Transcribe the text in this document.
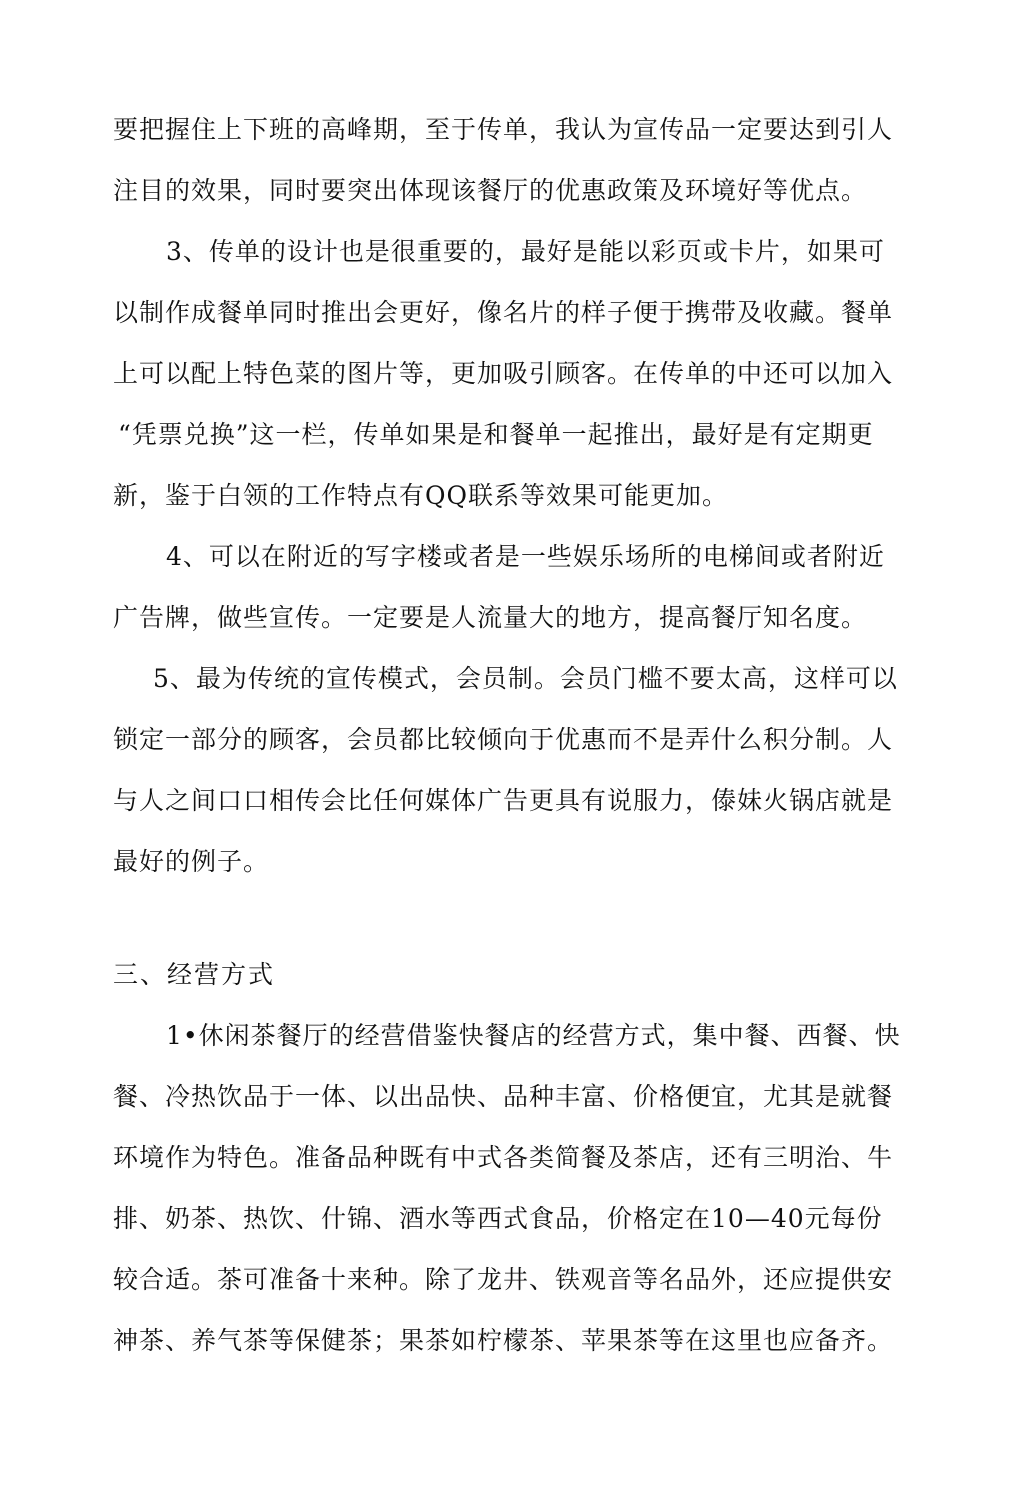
要把握住上下班的高峰期，至于传单，我认为宣传品一定要达到引人
注目的效果，同时要突出体现该餐厅的优惠政策及环境好等优点。
3、传单的设计也是很重要的，最好是能以彩页或卡片，如果可
以制作成餐单同时推出会更好，像名片的样子便于携带及收藏。餐单
上可以配上特色菜的图片等，更加吸引顾客。在传单的中还可以加入
“凭票兑换”这一栏，传单如果是和餐单一起推出，最好是有定期更
新，鉴于白领的工作特点有QQ联系等效果可能更加。
4、可以在附近的写字楼或者是一些娱乐场所的电梯间或者附近
广告牌，做些宣传。一定要是人流量大的地方，提高餐厅知名度。
5、最为传统的宣传模式，会员制。会员门槛不要太高，这样可以
锁定一部分的顾客，会员都比较倾向于优惠而不是弄什么积分制。人
与人之间口口相传会比任何媒体广告更具有说服力，傣妹火锅店就是
最好的例子。
三、经营方式
1•休闲茶餐厅的经营借鉴快餐店的经营方式，集中餐、西餐、快
餐、冷热饮品于一体、以出品快、品种丰富、价格便宜，尤其是就餐
环境作为特色。准备品种既有中式各类简餐及茶店，还有三明治、牛
排、奶茶、热饮、什锦、酒水等西式食品，价格定在10—40元每份
较合适。茶可准备十来种。除了龙井、铁观音等名品外，还应提供安
神茶、养气茶等保健茶；果茶如柠檬茶、苹果茶等在这里也应备齐。
